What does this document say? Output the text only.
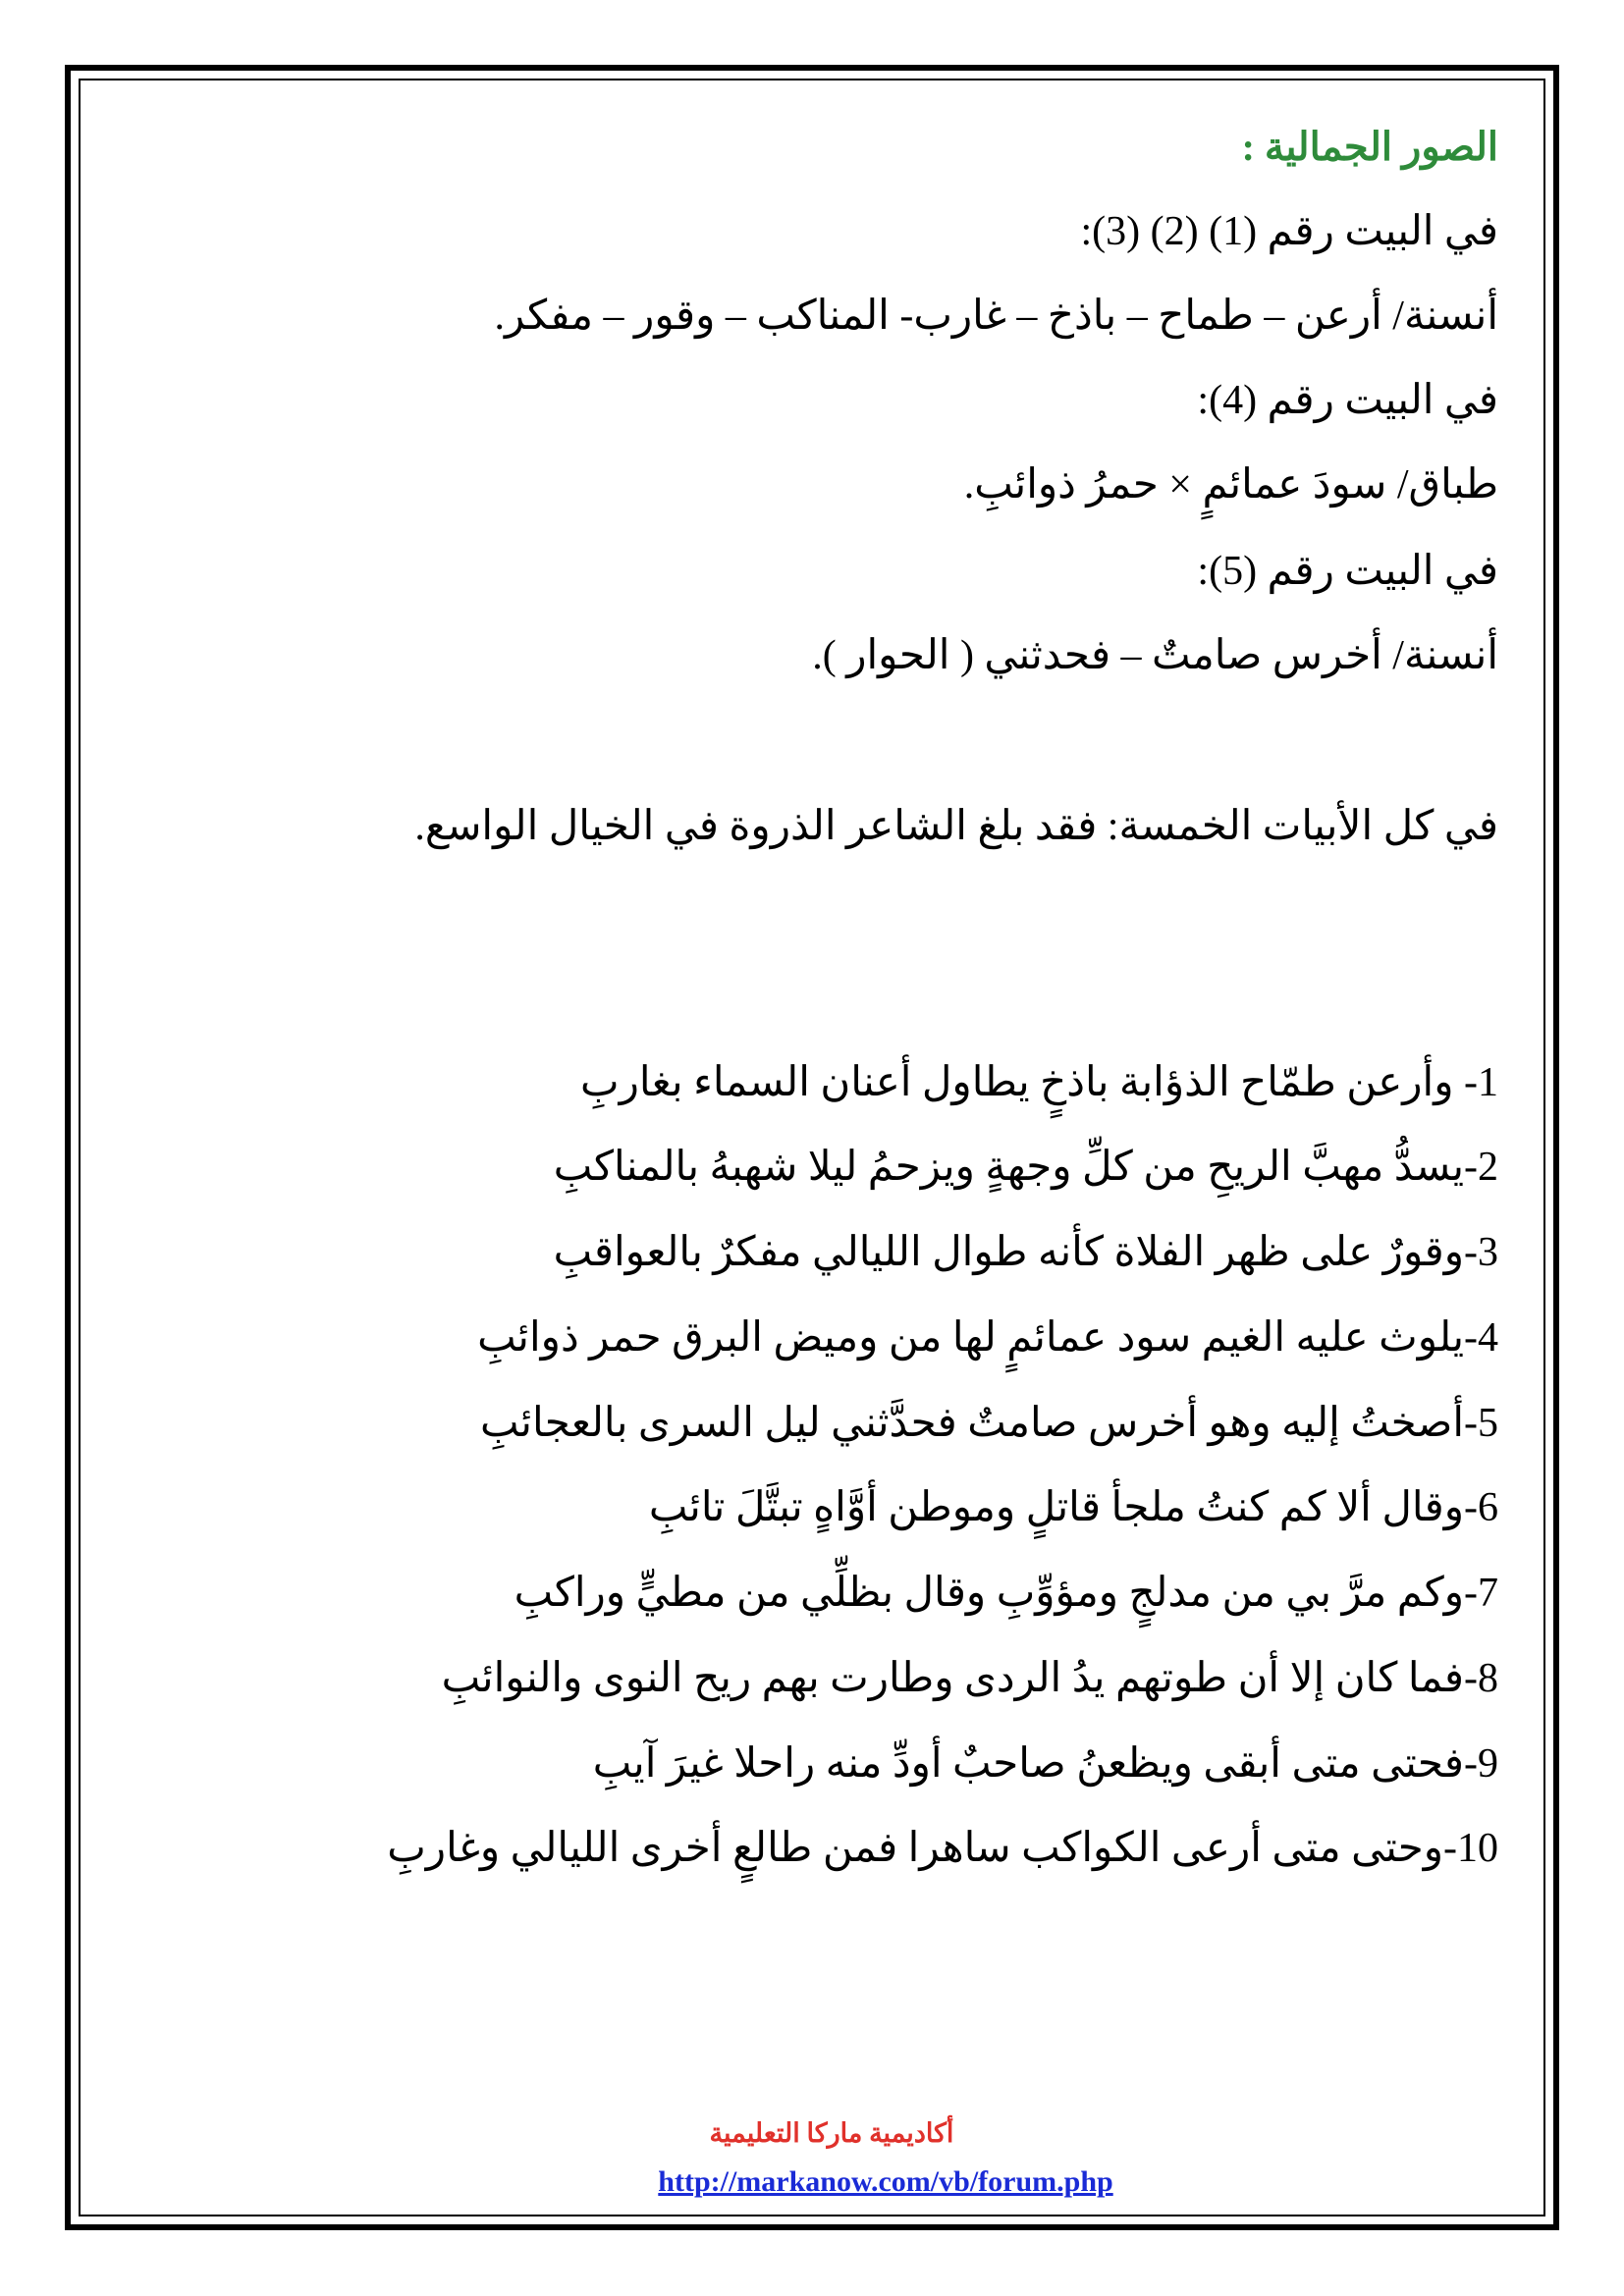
الصور الجمالية :
في البيت رقم (1) (2) (3):
أنسنة/ أرعن – طماح – باذخ – غارب- المناكب – وقور – مفكر.
في البيت رقم (4):
طباق/ سودَ عمائمٍ × حمرُ ذوائبِ.
في البيت رقم (5):
أنسنة/ أخرس صامتٌ – فحدثني ( الحوار ).
في كل الأبيات الخمسة: فقد بلغ الشاعر الذروة في الخيال الواسع.
1- وأرعن طمّاح الذؤابة باذخٍ يطاول أعنان السماء بغاربِ
2-يسدُّ مهبَّ الريحِ من كلِّ وجهةٍ ويزحمُ ليلا شهبهُ بالمناكبِ
3-وقورٌ على ظهر الفلاة كأنه طوال الليالي مفكرٌ بالعواقبِ
4-يلوث عليه الغيم سود عمائمٍ لها من وميض البرق حمر ذوائبِ
5-أصختُ إليه وهو أخرس صامتٌ فحدَّثني ليل السرى بالعجائبِ
6-وقال ألا كم كنتُ ملجأ قاتلٍ وموطن أوَّاهٍ تبتَّلَ تائبِ
7-وكم مرَّ بي من مدلجٍ ومؤوِّبِ وقال بظلِّي من مطيٍّ وراكبِ
8-فما كان إلا أن طوتهم يدُ الردى وطارت بهم ريح النوى والنوائبِ
9-فحتى متى أبقى ويظعنُ صاحبٌ أودِّ منه راحلا غيرَ آيبِ
10-وحتى متى أرعى الكواكب ساهرا فمن طالعٍ أخرى الليالي وغاربِ
أكاديمية ماركا التعليمية
http://markanow.com/vb/forum.php
